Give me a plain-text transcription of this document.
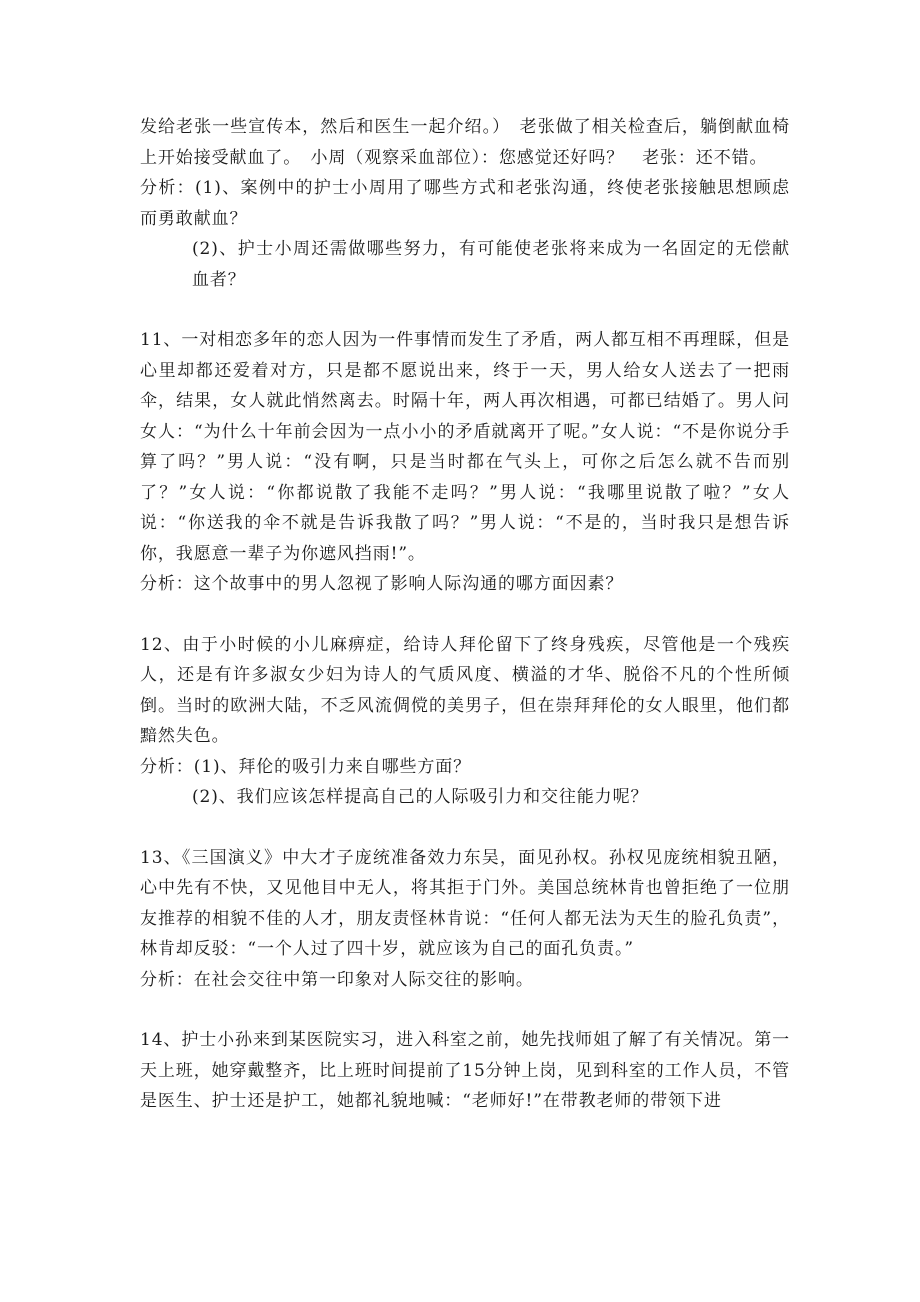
发给老张一些宣传本，然后和医生一起介绍。）　老张做了相关检查后，躺倒献血椅上开始接受献血了。　小周（观察采血部位）：您感觉还好吗？　老张：还不错。

分析：(1)、案例中的护士小周用了哪些方式和老张沟通，终使老张接触思想顾虑而勇敢献血？

(2)、护士小周还需做哪些努力，有可能使老张将来成为一名固定的无偿献血者？

11、一对相恋多年的恋人因为一件事情而发生了矛盾，两人都互相不再理睬，但是心里却都还爱着对方，只是都不愿说出来，终于一天，男人给女人送去了一把雨伞，结果，女人就此悄然离去。时隔十年，两人再次相遇，可都已结婚了。男人问女人：“为什么十年前会因为一点小小的矛盾就离开了呢。”女人说：“不是你说分手算了吗？”男人说：“没有啊，只是当时都在气头上，可你之后怎么就不告而别了？”女人说：“你都说散了我能不走吗？”男人说：“我哪里说散了啦？”女人说：“你送我的伞不就是告诉我散了吗？”男人说：“不是的，当时我只是想告诉你，我愿意一辈子为你遮风挡雨!”。

分析：这个故事中的男人忽视了影响人际沟通的哪方面因素？

12、由于小时候的小儿麻痹症，给诗人拜伦留下了终身残疾，尽管他是一个残疾人，还是有许多淑女少妇为诗人的气质风度、横溢的才华、脱俗不凡的个性所倾倒。当时的欧洲大陆，不乏风流倜傥的美男子，但在崇拜拜伦的女人眼里，他们都黯然失色。

分析：(1)、拜伦的吸引力来自哪些方面？

(2)、我们应该怎样提高自己的人际吸引力和交往能力呢？

13、《三国演义》中大才子庞统准备效力东吴，面见孙权。孙权见庞统相貌丑陋，心中先有不快，又见他目中无人，将其拒于门外。美国总统林肯也曾拒绝了一位朋友推荐的相貌不佳的人才，朋友责怪林肯说：“任何人都无法为天生的脸孔负责”，林肯却反驳：“一个人过了四十岁，就应该为自己的面孔负责。”

分析：在社会交往中第一印象对人际交往的影响。

14、护士小孙来到某医院实习，进入科室之前，她先找师姐了解了有关情况。第一天上班，她穿戴整齐，比上班时间提前了15分钟上岗，见到科室的工作人员，不管是医生、护士还是护工，她都礼貌地喊：“老师好!”在带教老师的带领下进
